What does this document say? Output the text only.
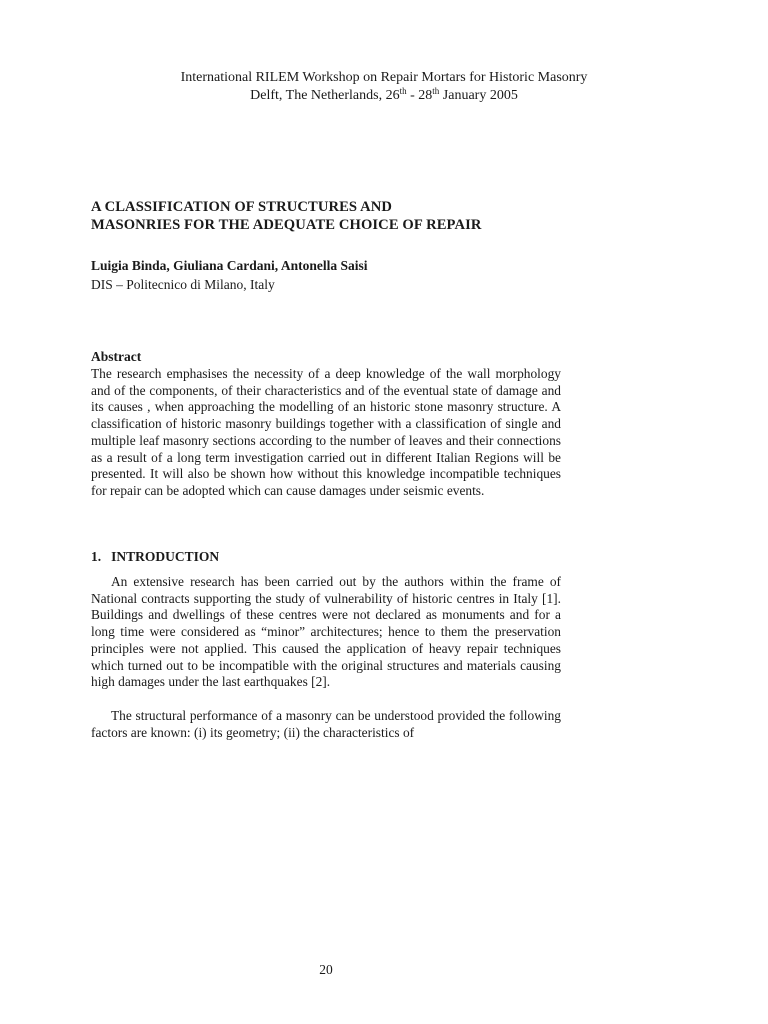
International RILEM Workshop on Repair Mortars for Historic Masonry
Delft, The Netherlands, 26th - 28th January 2005
A CLASSIFICATION OF STRUCTURES AND
MASONRIES FOR THE ADEQUATE CHOICE OF REPAIR
Luigia Binda, Giuliana Cardani, Antonella Saisi
DIS – Politecnico di Milano, Italy
Abstract

The research emphasises the necessity of a deep knowledge of the wall morphology and of the components, of their characteristics and of the eventual state of damage and its causes , when approaching the modelling of an historic stone masonry structure. A classification of historic masonry buildings together with a classification of single and multiple leaf masonry sections according to the number of leaves and their connections as a result of a long term investigation carried out in different Italian Regions will be presented. It will also be shown how without this knowledge incompatible techniques for repair can be adopted which can cause damages under seismic events.

1. INTRODUCTION

An extensive research has been carried out by the authors within the frame of National contracts supporting the study of vulnerability of historic centres in Italy [1]. Buildings and dwellings of these centres were not declared as monuments and for a long time were considered as “minor” architectures; hence to them the preservation principles were not applied. This caused the application of heavy repair techniques which turned out to be incompatible with the original structures and materials causing high damages under the last earthquakes [2].

The structural performance of a masonry can be understood provided the following factors are known: (i) its geometry; (ii) the characteristics of

20
